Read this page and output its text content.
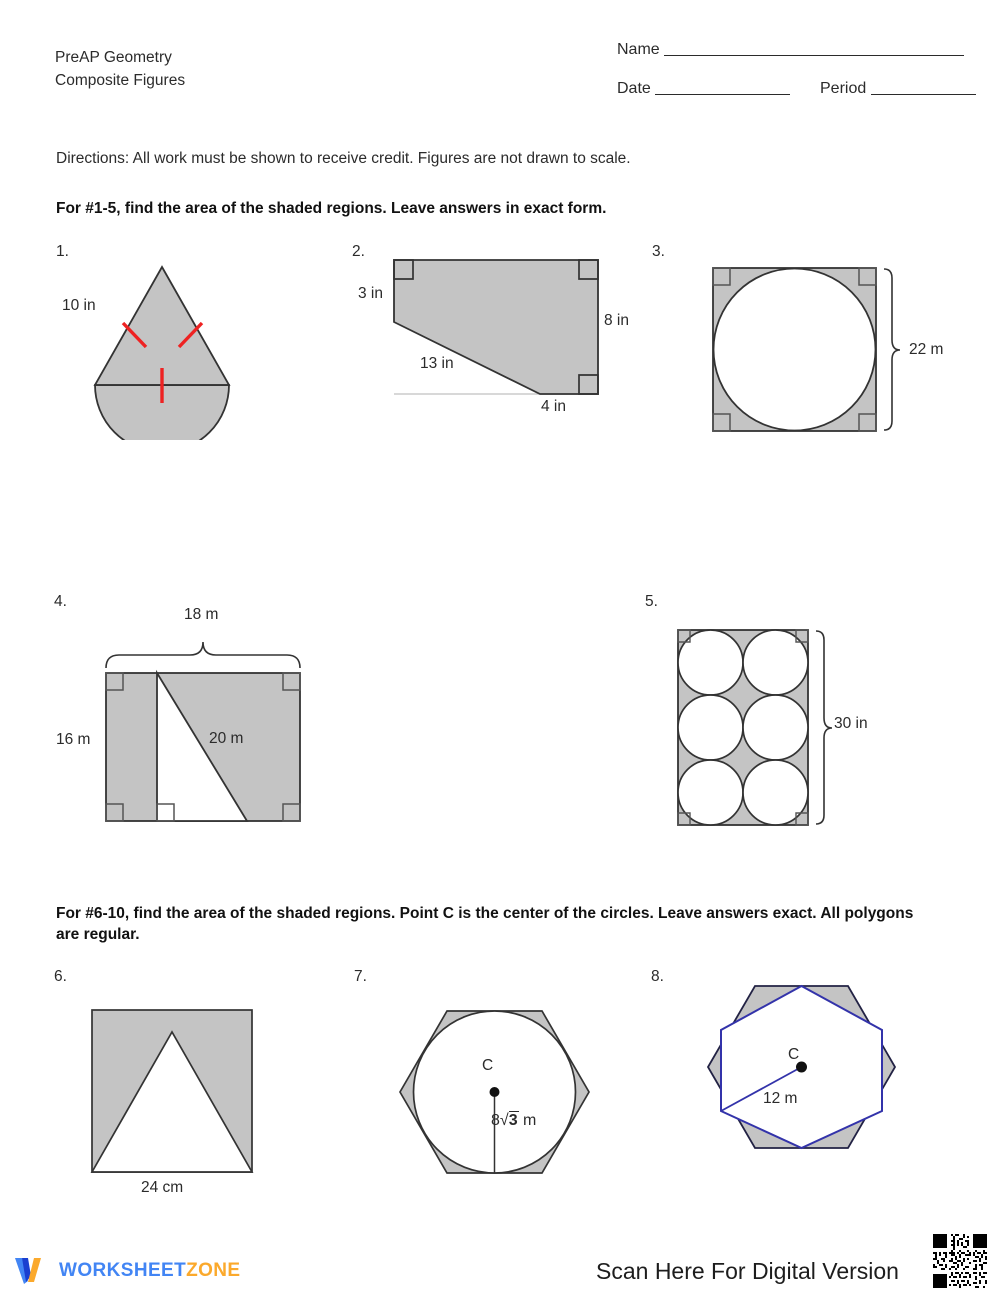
PreAP Geometry
Composite Figures
Name
Date	Period
Directions: All work must be shown to receive credit. Figures are not drawn to scale.
For #1-5, find the area of the shaded regions. Leave answers in exact form.
For #6-10, find the area of the shaded regions. Point C is the center of the circles. Leave answers exact. All polygons are regular.
1.	2.	3.
4.	5.
6.	7.	8.
10 in
3 in
8 in
13 in
4 in
22 m
18 m
16 m	20 m
30 in
24 cm
C
8√3 m
C
12 m
WORKSHEETZONE	Scan Here For Digital Version
